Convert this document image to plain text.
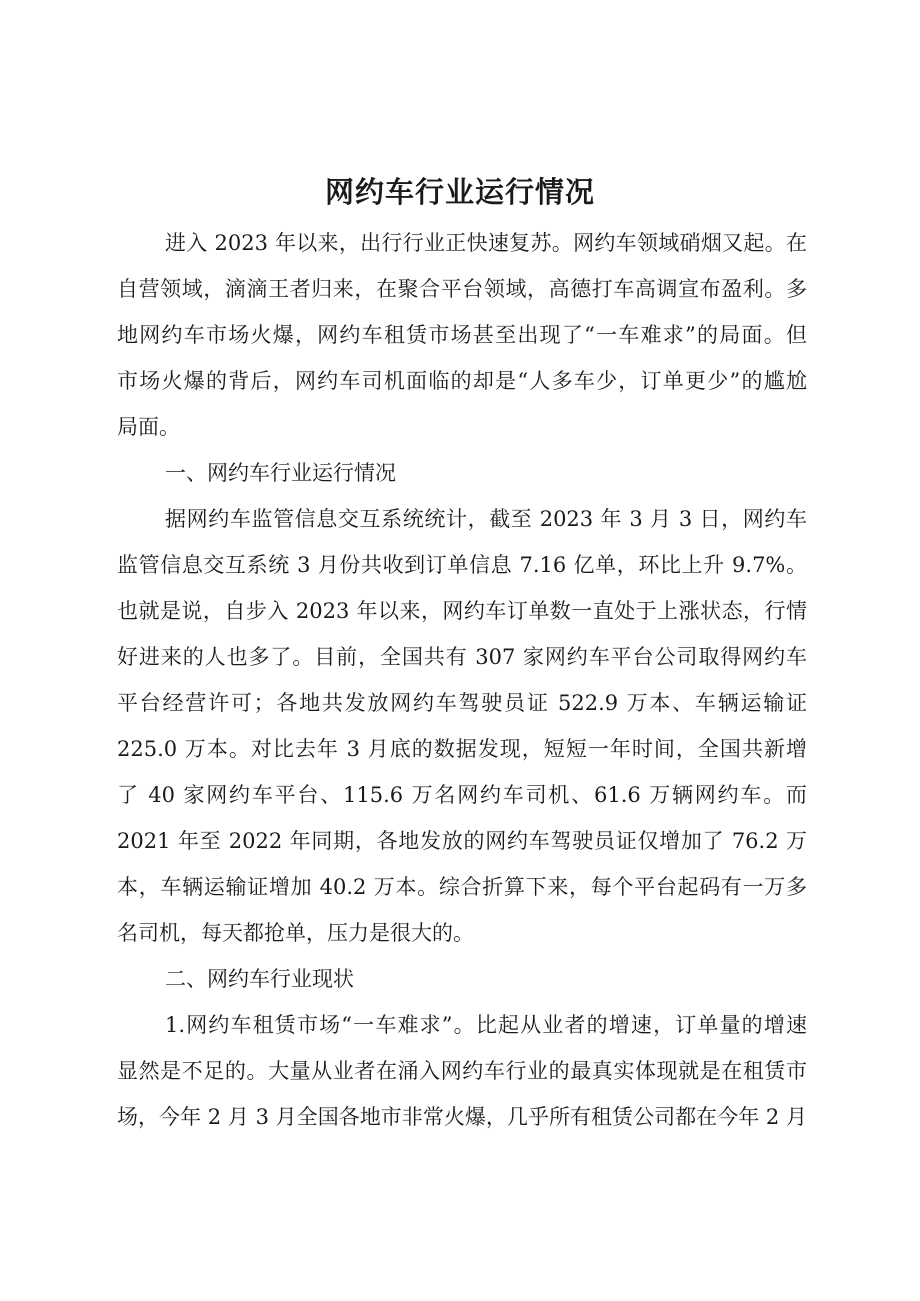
网约车行业运行情况
进入 2023 年以来，出行行业正快速复苏。网约车领域硝烟又起。在
自营领域，滴滴王者归来，在聚合平台领域，高德打车高调宣布盈利。多
地网约车市场火爆，网约车租赁市场甚至出现了“一车难求”的局面。但
市场火爆的背后，网约车司机面临的却是“人多车少，订单更少”的尴尬
局面。
一、网约车行业运行情况
据网约车监管信息交互系统统计，截至 2023 年 3 月 3 日，网约车
监管信息交互系统 3 月份共收到订单信息 7.16 亿单，环比上升 9.7%。
也就是说，自步入 2023 年以来，网约车订单数一直处于上涨状态，行情
好进来的人也多了。目前，全国共有 307 家网约车平台公司取得网约车
平台经营许可；各地共发放网约车驾驶员证 522.9 万本、车辆运输证
225.0 万本。对比去年 3 月底的数据发现，短短一年时间，全国共新增
了 40 家网约车平台、115.6 万名网约车司机、61.6 万辆网约车。而
2021 年至 2022 年同期，各地发放的网约车驾驶员证仅增加了 76.2 万
本，车辆运输证增加 40.2 万本。综合折算下来，每个平台起码有一万多
名司机，每天都抢单，压力是很大的。
二、网约车行业现状
1.网约车租赁市场“一车难求”。比起从业者的增速，订单量的增速
显然是不足的。大量从业者在涌入网约车行业的最真实体现就是在租赁市
场，今年 2 月 3 月全国各地市非常火爆，几乎所有租赁公司都在今年 2 月
